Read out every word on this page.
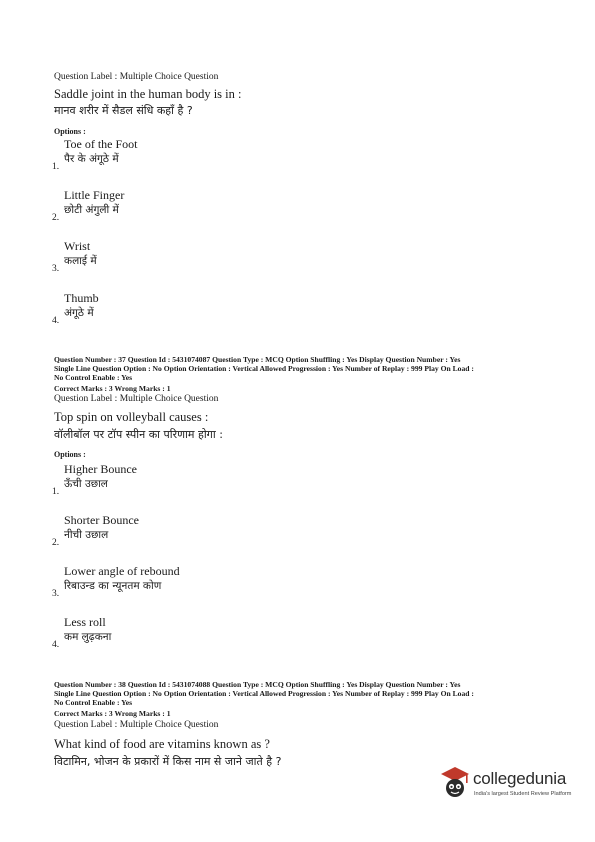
Question Label : Multiple Choice Question
Saddle joint in the human body is in :
मानव शरीर में सैडल संधि कहाँ है ?
Options :
1.
Toe of the Foot
पैर के अंगूठे में
2.
Little Finger
छोटी अंगुली में
3.
Wrist
कलाई में
4.
Thumb
अंगूठे में
Question Number : 37 Question Id : 5431074087 Question Type : MCQ Option Shuffling : Yes Display Question Number : Yes
Single Line Question Option : No Option Orientation : Vertical Allowed Progression : Yes Number of Replay : 999 Play On Load :
No Control Enable : Yes
Correct Marks : 3 Wrong Marks : 1
Question Label : Multiple Choice Question
Top spin on volleyball causes :
वॉलीबॉल पर टॉप स्पीन का परिणाम होगा :
Options :
1.
Higher Bounce
ऊँची उछाल
2.
Shorter Bounce
नीची उछाल
3.
Lower angle of rebound
रिबाउन्ड का न्यूनतम कोण
4.
Less roll
कम लुढ़कना
Question Number : 38 Question Id : 5431074088 Question Type : MCQ Option Shuffling : Yes Display Question Number : Yes
Single Line Question Option : No Option Orientation : Vertical Allowed Progression : Yes Number of Replay : 999 Play On Load :
No Control Enable : Yes
Correct Marks : 3 Wrong Marks : 1
Question Label : Multiple Choice Question
What kind of food are vitamins known as ?
विटामिन, भोजन के प्रकारों में किस नाम से जाने जाते है ?
collegedunia
India's largest Student Review Platform
